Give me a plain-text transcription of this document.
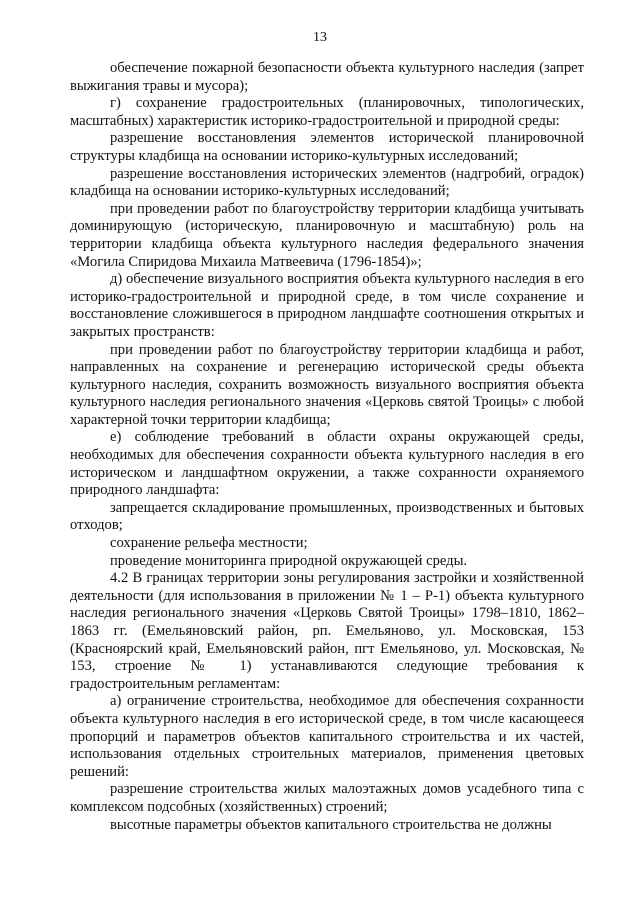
13

обеспечение пожарной безопасности объекта культурного наследия (запрет выжигания травы и мусора);

г) сохранение градостроительных (планировочных, типологических, масштабных) характеристик историко-градостроительной и природной среды:

разрешение восстановления элементов исторической планировочной структуры кладбища на основании историко-культурных исследований;

разрешение восстановления исторических элементов (надгробий, оградок) кладбища на основании историко-культурных исследований;

при проведении работ по благоустройству территории кладбища учитывать доминирующую (историческую, планировочную и масштабную) роль на территории кладбища объекта культурного наследия федерального значения «Могила Спиридова Михаила Матвеевича (1796-1854)»;

д) обеспечение визуального восприятия объекта культурного наследия в его историко-градостроительной и природной среде, в том числе сохранение и восстановление сложившегося в природном ландшафте соотношения открытых и закрытых пространств:

при проведении работ по благоустройству территории кладбища и работ, направленных на сохранение и регенерацию исторической среды объекта культурного наследия, сохранить возможность визуального восприятия объекта культурного наследия регионального значения «Церковь святой Троицы» с любой характерной точки территории кладбища;

е) соблюдение требований в области охраны окружающей среды, необходимых для обеспечения сохранности объекта культурного наследия в его историческом и ландшафтном окружении, а также сохранности охраняемого природного ландшафта:

запрещается складирование промышленных, производственных и бытовых отходов;

сохранение рельефа местности;

проведение мониторинга природной окружающей среды.

4.2 В границах территории зоны регулирования застройки и хозяйственной деятельности (для использования в приложении № 1 – Р-1) объекта культурного наследия регионального значения «Церковь Святой Троицы» 1798–1810, 1862–1863 гг. (Емельяновский район, рп. Емельяново, ул. Московская, 153 (Красноярский край, Емельяновский район, пгт Емельяново, ул. Московская, № 153, строение № 1) устанавливаются следующие требования к градостроительным регламентам:

а) ограничение строительства, необходимое для обеспечения сохранности объекта культурного наследия в его исторической среде, в том числе касающееся пропорций и параметров объектов капитального строительства и их частей, использования отдельных строительных материалов, применения цветовых решений:

разрешение строительства жилых малоэтажных домов усадебного типа с комплексом подсобных (хозяйственных) строений;

высотные параметры объектов капитального строительства не должны
